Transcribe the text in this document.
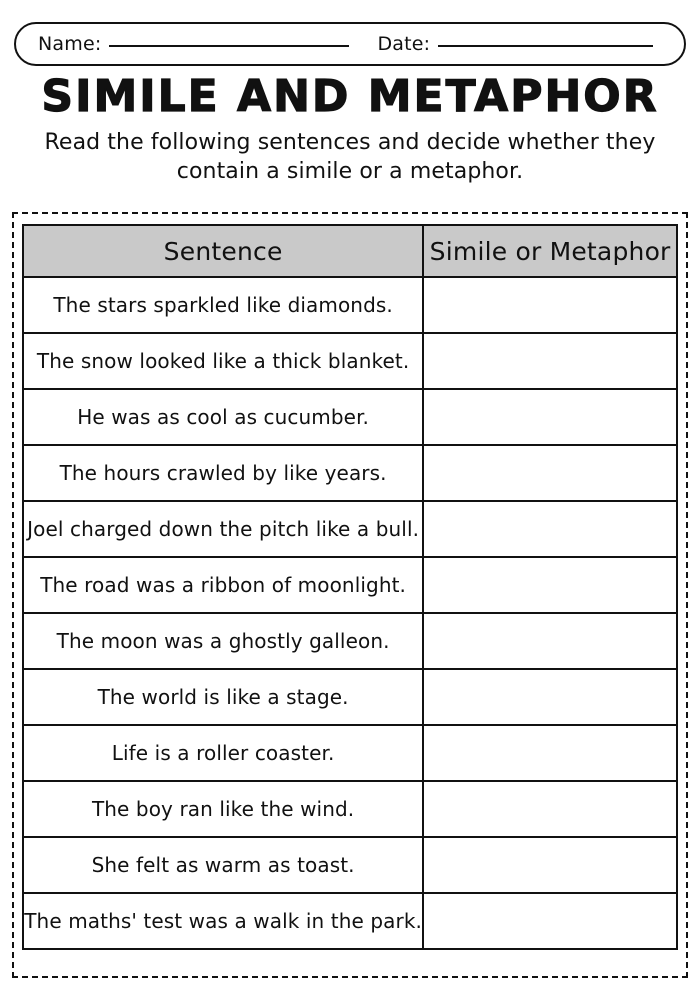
Name:	Date:
SIMILE AND METAPHOR
Read the following sentences and decide whether they contain a simile or a metaphor.
Sentence	Simile or Metaphor
The stars sparkled like diamonds.	
The snow looked like a thick blanket.	
He was as cool as cucumber.	
The hours crawled by like years.	
Joel charged down the pitch like a bull.	
The road was a ribbon of moonlight.	
The moon was a ghostly galleon.	
The world is like a stage.	
Life is a roller coaster.	
The boy ran like the wind.	
She felt as warm as toast.	
The maths' test was a walk in the park.	
